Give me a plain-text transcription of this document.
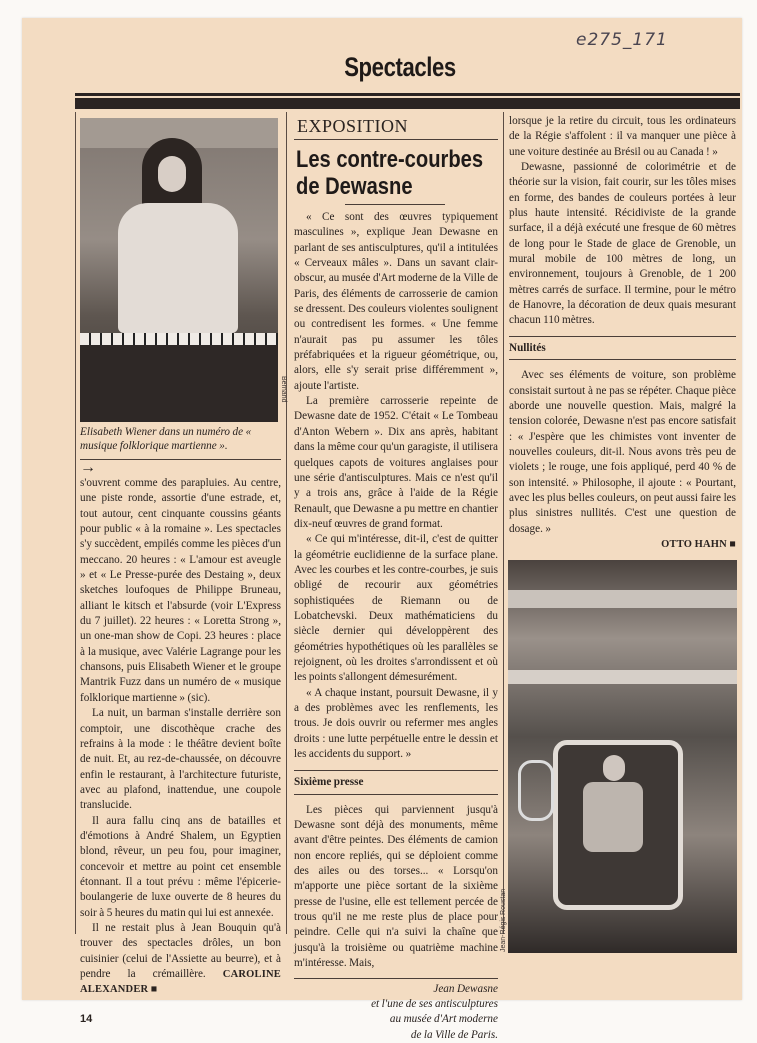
e275_171
Spectacles
Bernand
Elisabeth Wiener dans un numéro de « musique folklorique martienne ».
→

s'ouvrent comme des parapluies. Au centre, une piste ronde, assortie d'une estrade, et, tout autour, cent cinquante coussins géants pour public « à la romaine ». Les spectacles s'y succèdent, empilés comme les pièces d'un meccano. 20 heures : « L'amour est aveugle » et « Le Presse-purée des Destaing », deux sketches loufoques de Philippe Bruneau, alliant le kitsch et l'absurde (voir L'Express du 7 juillet). 22 heures : « Loretta Strong », un one-man show de Copi. 23 heures : place à la musique, avec Valérie Lagrange pour les chansons, puis Elisabeth Wiener et le groupe Mantrik Fuzz dans un numéro de « musique folklorique martienne » (sic).

La nuit, un barman s'installe derrière son comptoir, une discothèque crache des refrains à la mode : le théâtre devient boîte de nuit. Et, au rez-de-chaussée, on découvre enfin le restaurant, à l'architecture futuriste, avec au plafond, inattendue, une coupole translucide.

Il aura fallu cinq ans de batailles et d'émotions à André Shalem, un Egyptien blond, rêveur, un peu fou, pour imaginer, concevoir et mettre au point cet ensemble étonnant. Il a tout prévu : même l'épicerie-boulangerie de luxe ouverte de 8 heures du soir à 5 heures du matin qui lui est annexée.

Il ne restait plus à Jean Bouquin qu'à trouver des spectacles drôles, un bon cuisinier (celui de l'Assiette au beurre), et à pendre la crémaillère. CAROLINE ALEXANDER ■

14
EXPOSITION
Les contre-courbes de Dewasne

« Ce sont des œuvres typiquement masculines », explique Jean Dewasne en parlant de ses antisculptures, qu'il a intitulées « Cerveaux mâles ». Dans un savant clair-obscur, au musée d'Art moderne de la Ville de Paris, des éléments de carrosserie de camion se dressent. Des couleurs violentes soulignent ou contredisent les formes. « Une femme n'aurait pas pu assumer les tôles préfabriquées et la rigueur géométrique, ou, alors, elle s'y serait prise différemment », ajoute l'artiste.

La première carrosserie repeinte de Dewasne date de 1952. C'était « Le Tombeau d'Anton Webern ». Dix ans après, habitant dans la même cour qu'un garagiste, il utilisera quelques capots de voitures anglaises pour une série d'antisculptures. Mais ce n'est qu'il y a trois ans, grâce à l'aide de la Régie Renault, que Dewasne a pu mettre en chantier dix-neuf œuvres de grand format.

« Ce qui m'intéresse, dit-il, c'est de quitter la géométrie euclidienne de la surface plane. Avec les courbes et les contre-courbes, je suis obligé de recourir aux géométries sophistiquées de Riemann ou de Lobatchevski. Deux mathématiciens du siècle dernier qui développèrent des géométries hypothétiques où les parallèles se rejoignent, où les droites s'arrondissent et où les points s'allongent démesurément.

« A chaque instant, poursuit Dewasne, il y a des problèmes avec les renflements, les trous. Je dois ouvrir ou refermer mes angles droits : une lutte perpétuelle entre le dessin et les accidents du support. »

Sixième presse

Les pièces qui parviennent jusqu'à Dewasne sont déjà des monuments, même avant d'être peintes. Des éléments de camion non encore repliés, qui se déploient comme des ailes ou des torses... « Lorsqu'on m'apporte une pièce sortant de la sixième presse de l'usine, elle est tellement percée de trous qu'il ne me reste plus de place pour peindre. Celle qui n'a suivi la chaîne que jusqu'à la troisième ou quatrième machine m'intéresse. Mais,

Jean Dewasne
et l'une de ses antisculptures
au musée d'Art moderne
de la Ville de Paris.

lorsque je la retire du circuit, tous les ordinateurs de la Régie s'affolent : il va manquer une pièce à une voiture destinée au Brésil ou au Canada ! »

Dewasne, passionné de colorimétrie et de théorie sur la vision, fait courir, sur les tôles mises en forme, des bandes de couleurs portées à leur plus haute intensité. Récidiviste de la grande surface, il a déjà exécuté une fresque de 60 mètres de long pour le Stade de glace de Grenoble, un mural mobile de 100 mètres de long, un environnement, toujours à Grenoble, de 1 200 mètres carrés de surface. Il termine, pour le métro de Hanovre, la décoration de deux quais mesurant chacun 110 mètres.

Nullités

Avec ses éléments de voiture, son problème consistait surtout à ne pas se répéter. Chaque pièce aborde une nouvelle question. Mais, malgré la tension colorée, Dewasne n'est pas encore satisfait : « J'espère que les chimistes vont inventer de nouvelles couleurs, dit-il. Nous avons très peu de violets ; le rouge, une fois appliqué, perd 40 % de son intensité. » Philosophe, il ajoute : « Pourtant, avec les plus belles couleurs, on peut aussi faire les plus sinistres nullités. C'est une question de dosage. »

OTTO HAHN ■
Jean-Régis Roustan
